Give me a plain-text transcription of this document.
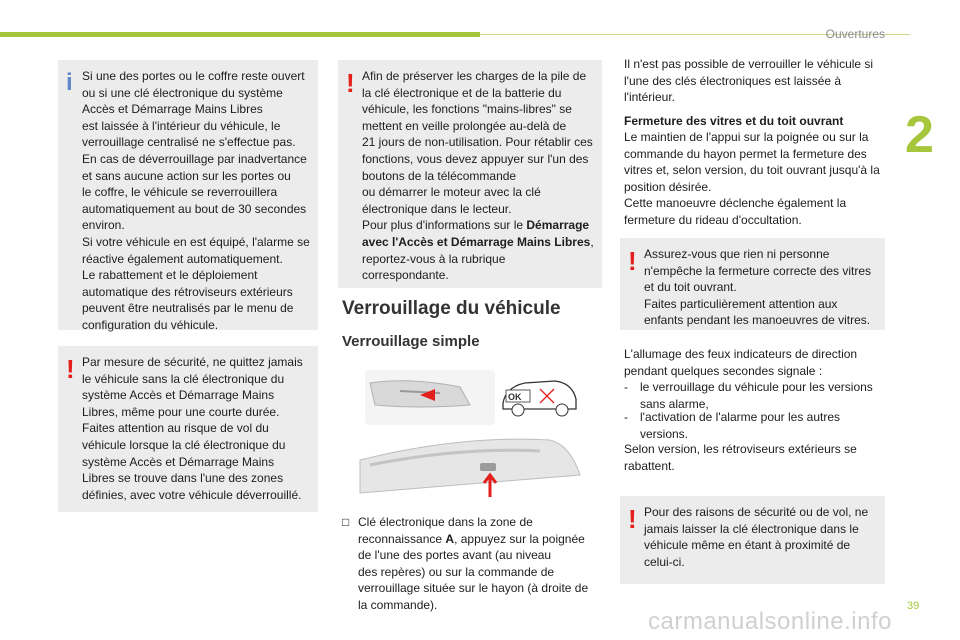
Ouvertures
2
i Si une des portes ou le coffre reste ouvert ou si une clé électronique du système Accès et Démarrage Mains Libres
est laissée à l'intérieur du véhicule, le verrouillage centralisé ne s'effectue pas.
En cas de déverrouillage par inadvertance et sans aucune action sur les portes ou
le coffre, le véhicule se reverrouillera automatiquement au bout de 30 secondes environ.
Si votre véhicule en est équipé, l'alarme se réactive également automatiquement.
Le rabattement et le déploiement automatique des rétroviseurs extérieurs peuvent être neutralisés par le menu de configuration du véhicule.

! Par mesure de sécurité, ne quittez jamais le véhicule sans la clé électronique du système Accès et Démarrage Mains Libres, même pour une courte durée.
Faites attention au risque de vol du véhicule lorsque la clé électronique du système Accès et Démarrage Mains Libres se trouve dans l'une des zones définies, avec votre véhicule déverrouillé.

! Afin de préserver les charges de la pile de la clé électronique et de la batterie du véhicule, les fonctions "mains-libres" se mettent en veille prolongée au-delà de
21 jours de non-utilisation. Pour rétablir ces fonctions, vous devez appuyer sur l'un des boutons de la télécommande
ou démarrer le moteur avec la clé électronique dans le lecteur.
Pour plus d'informations sur le Démarrage avec l'Accès et Démarrage Mains Libres, reportez-vous à la rubrique correspondante.

Verrouillage du véhicule
Verrouillage simple
OK
□ Clé électronique dans la zone de reconnaissance A, appuyez sur la poignée de l'une des portes avant (au niveau
des repères) ou sur la commande de verrouillage située sur le hayon (à droite de la commande).
Il n'est pas possible de verrouiller le véhicule si l'une des clés électroniques est laissée à l'intérieur.
Fermeture des vitres et du toit ouvrant
Le maintien de l'appui sur la poignée ou sur la commande du hayon permet la fermeture des vitres et, selon version, du toit ouvrant jusqu'à la position désirée.
Cette manoeuvre déclenche également la fermeture du rideau d'occultation.
! Assurez-vous que rien ni personne n'empêche la fermeture correcte des vitres et du toit ouvrant.
Faites particulièrement attention aux enfants pendant les manoeuvres de vitres.

L'allumage des feux indicateurs de direction pendant quelques secondes signale :
-	le verrouillage du véhicule pour les versions
sans alarme,
-	l'activation de l'alarme pour les autres
versions.
Selon version, les rétroviseurs extérieurs se rabattent.
! Pour des raisons de sécurité ou de vol, ne jamais laisser la clé électronique dans le véhicule même en étant à proximité de celui-ci.

39
carmanualsonline.info
